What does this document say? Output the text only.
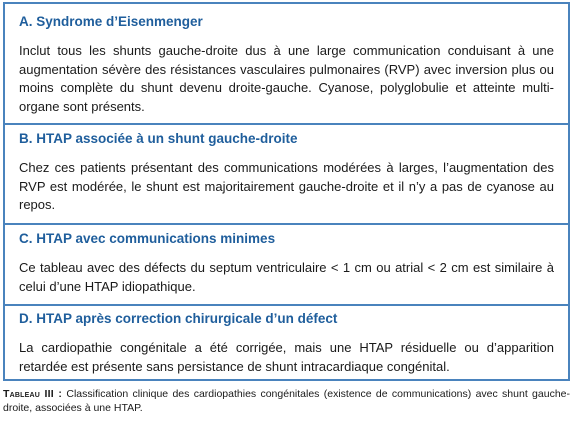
A. Syndrome d’Eisenmenger
Inclut tous les shunts gauche-droite dus à une large communication conduisant à une augmentation sévère des résistances vasculaires pulmonaires (RVP) avec inversion plus ou moins complète du shunt devenu droite-gauche. Cyanose, polyglobulie et atteinte multi-organe sont présents.
B. HTAP associée à un shunt gauche-droite
Chez ces patients présentant des communications modérées à larges, l’augmentation des RVP est modérée, le shunt est majoritairement gauche-droite et il n’y a pas de cyanose au repos.
C. HTAP avec communications minimes
Ce tableau avec des défects du septum ventriculaire < 1 cm ou atrial < 2 cm est similaire à celui d’une HTAP idiopathique.
D. HTAP après correction chirurgicale d’un défect
La cardiopathie congénitale a été corrigée, mais une HTAP résiduelle ou d’apparition retardée est présente sans persistance de shunt intracardiaque congénital.
Tableau III : Classification clinique des cardiopathies congénitales (existence de communications) avec shunt gauche-droite, associées à une HTAP.
